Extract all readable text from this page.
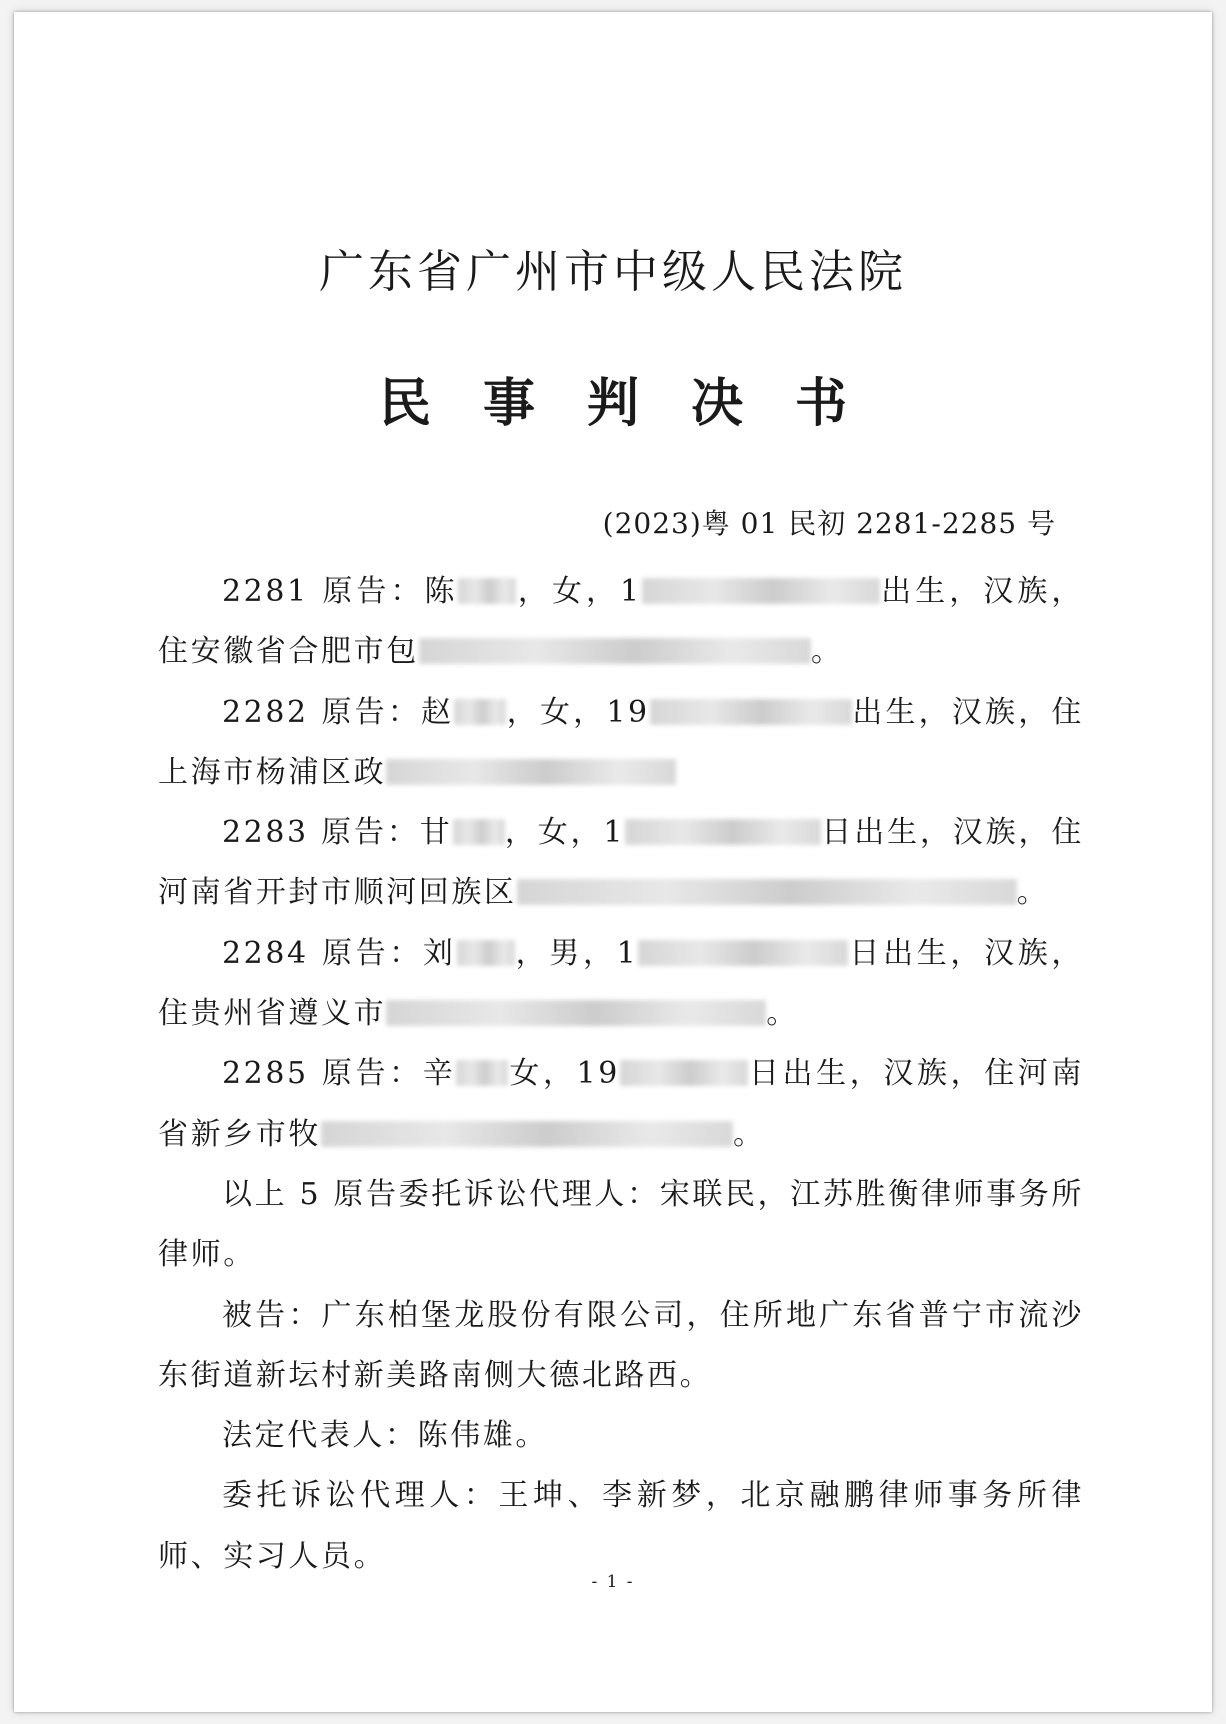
广东省广州市中级人民法院
民事判决书
(2023)粤 01 民初 2281-2285 号

2281 原告：陈 ，女，1	出生，汉族，住安徽省合肥市包	。

2282 原告：赵 ，女，19	出生，汉族，住上海市杨浦区政

2283 原告：甘 ，女，1	日出生，汉族，住河南省开封市顺河回族区	。

2284 原告：刘 ，男，1	日出生，汉族，住贵州省遵义市	。

2285 原告：辛 女，19	日出生，汉族，住河南省新乡市牧	。

以上 5 原告委托诉讼代理人：宋联民，江苏胜衡律师事务所律师。

被告：广东柏堡龙股份有限公司，住所地广东省普宁市流沙东街道新坛村新美路南侧大德北路西。

法定代表人：陈伟雄。

委托诉讼代理人：王坤、李新梦，北京融鹏律师事务所律师、实习人员。

- 1 -
